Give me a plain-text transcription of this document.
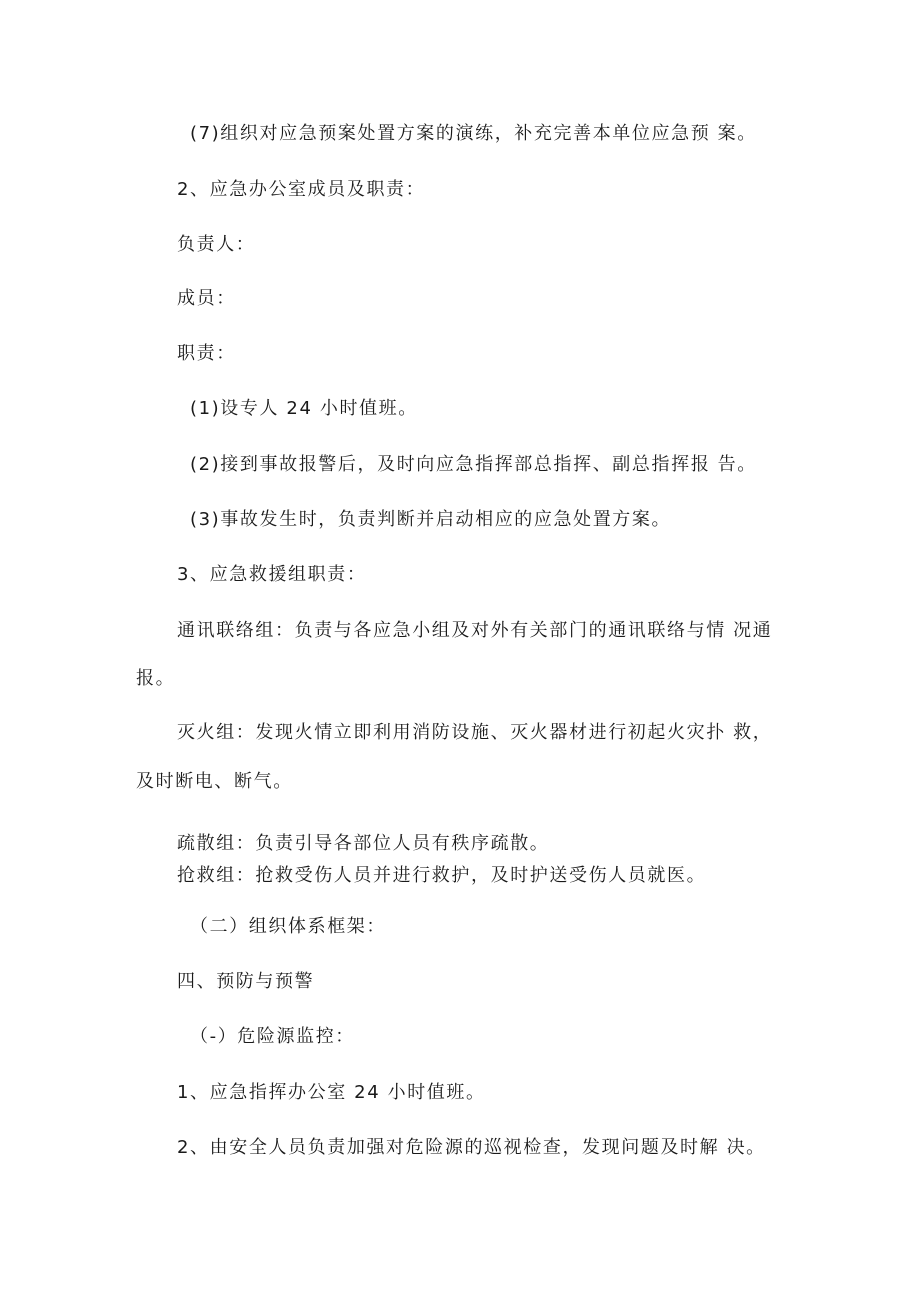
(7)组织对应急预案处置方案的演练，补充完善本单位应急预 案。
2、应急办公室成员及职责：
负责人：
成员：
职责：
(1)设专人 24 小时值班。
(2)接到事故报警后，及时向应急指挥部总指挥、副总指挥报 告。
(3)事故发生时，负责判断并启动相应的应急处置方案。
3、应急救援组职责：
通讯联络组：负责与各应急小组及对外有关部门的通讯联络与情 况通
报。
灭火组：发现火情立即利用消防设施、灭火器材进行初起火灾扑 救，
及时断电、断气。
疏散组：负责引导各部位人员有秩序疏散。
抢救组：抢救受伤人员并进行救护，及时护送受伤人员就医。
（二）组织体系框架：
四、预防与预警
（-）危险源监控：
1、应急指挥办公室 24 小时值班。
2、由安全人员负责加强对危险源的巡视检查，发现问题及时解 决。
